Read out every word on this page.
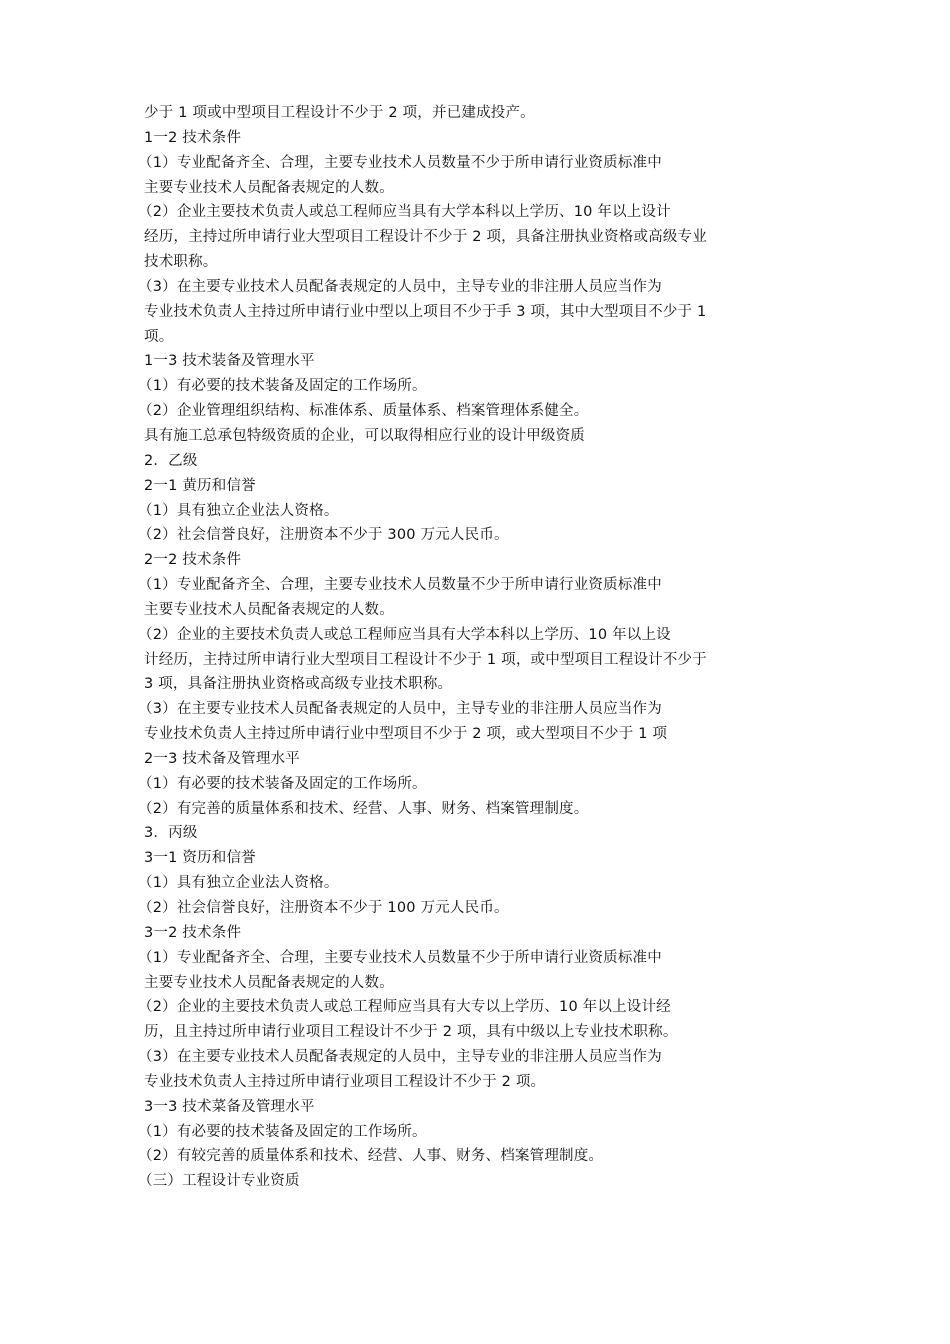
少于 1 项或中型项目工程设计不少于 2 项，并已建成投产。
1一2 技术条件
（1）专业配备齐全、合理，主要专业技术人员数量不少于所申请行业资质标准中
主要专业技术人员配备表规定的人数。
（2）企业主要技术负责人或总工程师应当具有大学本科以上学历、10 年以上设计
经历，主持过所申请行业大型项目工程设计不少于 2 项，具备注册执业资格或高级专业
技术职称。
（3）在主要专业技术人员配备表规定的人员中，主导专业的非注册人员应当作为
专业技术负责人主持过所申请行业中型以上项目不少于手 3 项，其中大型项目不少于 1
项。
1一3 技术装备及管理水平
（1）有必要的技术装备及固定的工作场所。
（2）企业管理组织结构、标准体系、质量体系、档案管理体系健全。
具有施工总承包特级资质的企业，可以取得相应行业的设计甲级资质
2．乙级
2一1 黄历和信誉
（1）具有独立企业法人资格。
（2）社会信誉良好，注册资本不少于 300 万元人民币。
2一2 技术条件
（1）专业配备齐全、合理，主要专业技术人员数量不少于所申请行业资质标准中
主要专业技术人员配备表规定的人数。
（2）企业的主要技术负责人或总工程师应当具有大学本科以上学历、10 年以上设
计经历，主持过所申请行业大型项目工程设计不少于 1 项，或中型项目工程设计不少于
3 项，具备注册执业资格或高级专业技术职称。
（3）在主要专业技术人员配备表规定的人员中，主导专业的非注册人员应当作为
专业技术负责人主持过所申请行业中型项目不少于 2 项，或大型项目不少于 1 项
2一3 技术备及管理水平
（1）有必要的技术装备及固定的工作场所。
（2）有完善的质量体系和技术、经营、人事、财务、档案管理制度。
3．丙级
3一1 资历和信誉
（1）具有独立企业法人资格。
（2）社会信誉良好，注册资本不少于 100 万元人民币。
3一2 技术条件
（1）专业配备齐全、合理，主要专业技术人员数量不少于所申请行业资质标准中
主要专业技术人员配备表规定的人数。
（2）企业的主要技术负责人或总工程师应当具有大专以上学历、10 年以上设计经
历，且主持过所申请行业项目工程设计不少于 2 项，具有中级以上专业技术职称。
（3）在主要专业技术人员配备表规定的人员中，主导专业的非注册人员应当作为
专业技术负责人主持过所申请行业项目工程设计不少于 2 项。
3一3 技术菜备及管理水平
（1）有必要的技术装备及固定的工作场所。
（2）有较完善的质量体系和技术、经营、人事、财务、档案管理制度。
（三）工程设计专业资质
